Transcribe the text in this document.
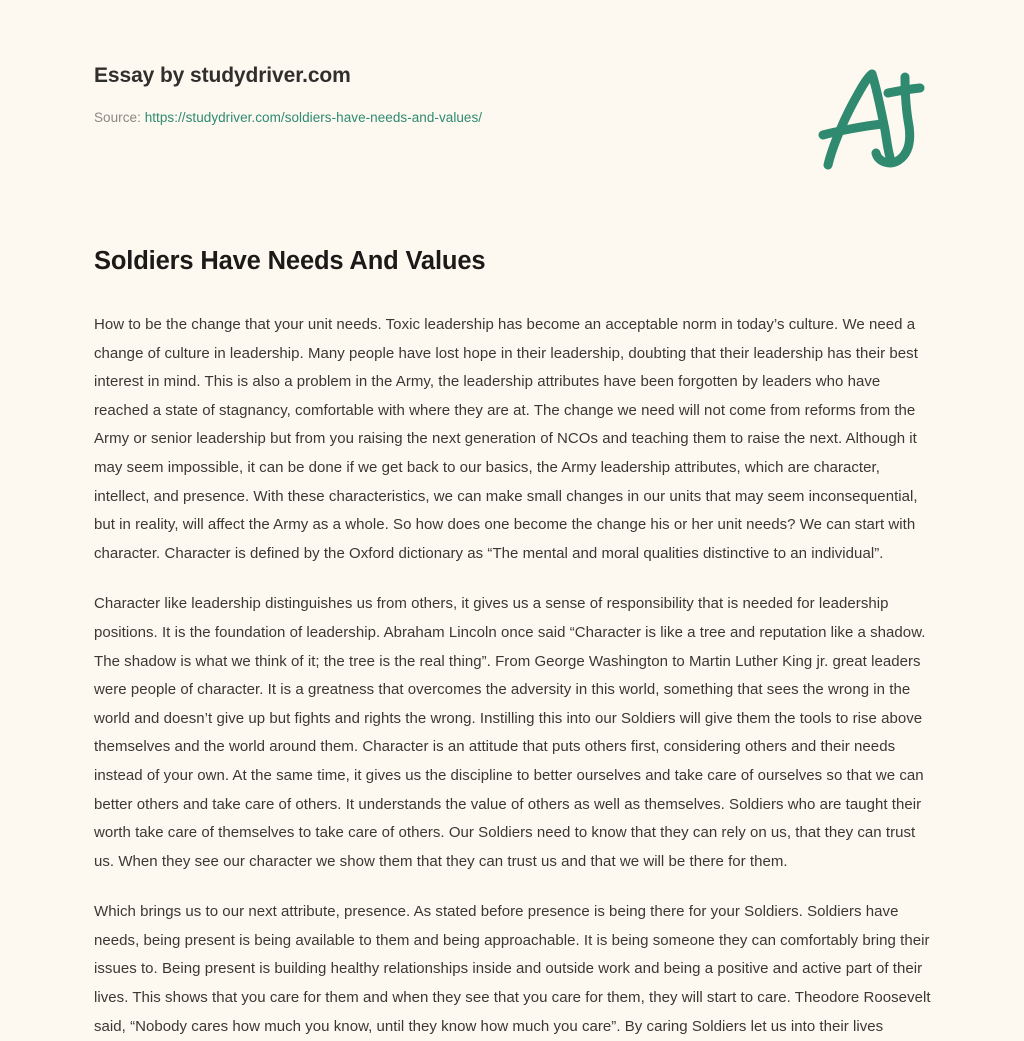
Essay by studydriver.com

Source: https://studydriver.com/soldiers-have-needs-and-values/

Soldiers Have Needs And Values

How to be the change that your unit needs. Toxic leadership has become an acceptable norm in today’s culture. We need a change of culture in leadership. Many people have lost hope in their leadership, doubting that their leadership has their best interest in mind. This is also a problem in the Army, the leadership attributes have been forgotten by leaders who have reached a state of stagnancy, comfortable with where they are at. The change we need will not come from reforms from the Army or senior leadership but from you raising the next generation of NCOs and teaching them to raise the next. Although it may seem impossible, it can be done if we get back to our basics, the Army leadership attributes, which are character, intellect, and presence. With these characteristics, we can make small changes in our units that may seem inconsequential, but in reality, will affect the Army as a whole. So how does one become the change his or her unit needs? We can start with character. Character is defined by the Oxford dictionary as “The mental and moral qualities distinctive to an individual”.

Character like leadership distinguishes us from others, it gives us a sense of responsibility that is needed for leadership positions. It is the foundation of leadership. Abraham Lincoln once said “Character is like a tree and reputation like a shadow. The shadow is what we think of it; the tree is the real thing”. From George Washington to Martin Luther King jr. great leaders were people of character. It is a greatness that overcomes the adversity in this world, something that sees the wrong in the world and doesn’t give up but fights and rights the wrong. Instilling this into our Soldiers will give them the tools to rise above themselves and the world around them. Character is an attitude that puts others first, considering others and their needs instead of your own. At the same time, it gives us the discipline to better ourselves and take care of ourselves so that we can better others and take care of others. It understands the value of others as well as themselves. Soldiers who are taught their worth take care of themselves to take care of others. Our Soldiers need to know that they can rely on us, that they can trust us. When they see our character we show them that they can trust us and that we will be there for them.

Which brings us to our next attribute, presence. As stated before presence is being there for your Soldiers. Soldiers have needs, being present is being available to them and being approachable. It is being someone they can comfortably bring their issues to. Being present is building healthy relationships inside and outside work and being a positive and active part of their lives. This shows that you care for them and when they see that you care for them, they will start to care. Theodore Roosevelt said, “Nobody cares how much you know, until they know how much you care”. By caring Soldiers let us into their lives
